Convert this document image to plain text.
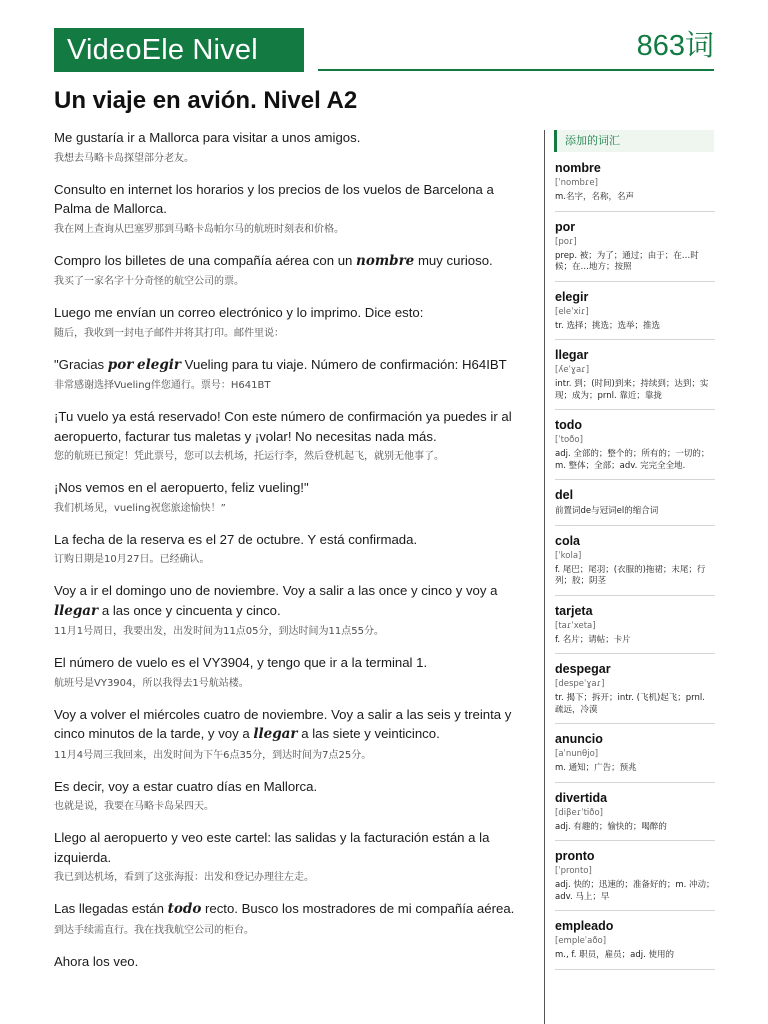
VideoEle Nivel	863词
Un viaje en avión. Nivel A2

Me gustaría ir a Mallorca para visitar a unos amigos.

我想去马略卡岛探望部分老友。

Consulto en internet los horarios y los precios de los vuelos de Barcelona a Palma de Mallorca.

我在网上查询从巴塞罗那到马略卡岛帕尔马的航班时刻表和价格。

Compro los billetes de una compañía aérea con un nombre muy curioso.

我买了一家名字十分奇怪的航空公司的票。

Luego me envían un correo electrónico y lo imprimo. Dice esto:

随后，我收到一封电子邮件并将其打印。邮件里说：

"Gracias por elegir Vueling para tu viaje. Número de confirmación: H64IBT

非常感谢选择Vueling伴您通行。票号：H641BT

¡Tu vuelo ya está reservado! Con este número de confirmación ya puedes ir al aeropuerto, facturar tus maletas y ¡volar! No necesitas nada más.

您的航班已预定！凭此票号，您可以去机场，托运行李，然后登机起飞，就别无他事了。

¡Nos vemos en el aeropuerto, feliz vueling!"

我们机场见，vueling祝您旅途愉快！”

La fecha de la reserva es el 27 de octubre. Y está confirmada.

订购日期是10月27日。已经确认。

Voy a ir el domingo uno de noviembre. Voy a salir a las once y cinco y voy a llegar a las once y cincuenta y cinco.

11月1号周日，我要出发，出发时间为11点05分，到达时间为11点55分。

El número de vuelo es el VY3904, y tengo que ir a la terminal 1.

航班号是VY3904，所以我得去1号航站楼。

Voy a volver el miércoles cuatro de noviembre. Voy a salir a las seis y treinta y cinco minutos de la tarde, y voy a llegar a las siete y veinticinco.

11月4号周三我回来，出发时间为下午6点35分，到达时间为7点25分。

Es decir, voy a estar cuatro días en Mallorca.

也就是说，我要在马略卡岛呆四天。

Llego al aeropuerto y veo este cartel: las salidas y la facturación están a la izquierda.

我已到达机场，看到了这张海报：出发和登记办理往左走。

Las llegadas están todo recto. Busco los mostradores de mi compañía aérea.

到达手续需直行。我在找我航空公司的柜台。

Ahora los veo.

添加的词汇
nombre
[ˈnombɾe]
m.名字，名称，名声
por
[poɾ]
prep. 被；为了；通过；由于；在…时候；在…地方；按照
elegir
[eleˈxiɾ]
tr. 选择；挑选；选举；推选
llegar
[ʎeˈɣaɾ]
intr. 到；(时间)到来；持续到；达到；实现；成为；prnl. 靠近；靠拢
todo
[ˈtoðo]
adj. 全部的；整个的；所有的；一切的；m. 整体；全部；adv. 完完全全地.
del
前置词de与冠词el的缩合词
cola
[ˈkola]
f. 尾巴；尾羽；(衣服的)拖裙；末尾；行列；胶；阴茎
tarjeta
[taɾˈxeta]
f. 名片；请帖；卡片
despegar
[despeˈɣaɾ]
tr. 揭下；拆开；intr. (飞机)起飞；prnl. 疏远，冷漠
anuncio
[aˈnunθjo]
m. 通知；广告；预兆
divertida
[diβeɾˈtiðo]
adj. 有趣的；愉快的；喝醉的
pronto
[ˈpronto]
adj. 快的；迅速的；准备好的；m. 冲动；adv. 马上；早
empleado
[empleˈaðo]
m., f. 职员，雇员；adj. 使用的
